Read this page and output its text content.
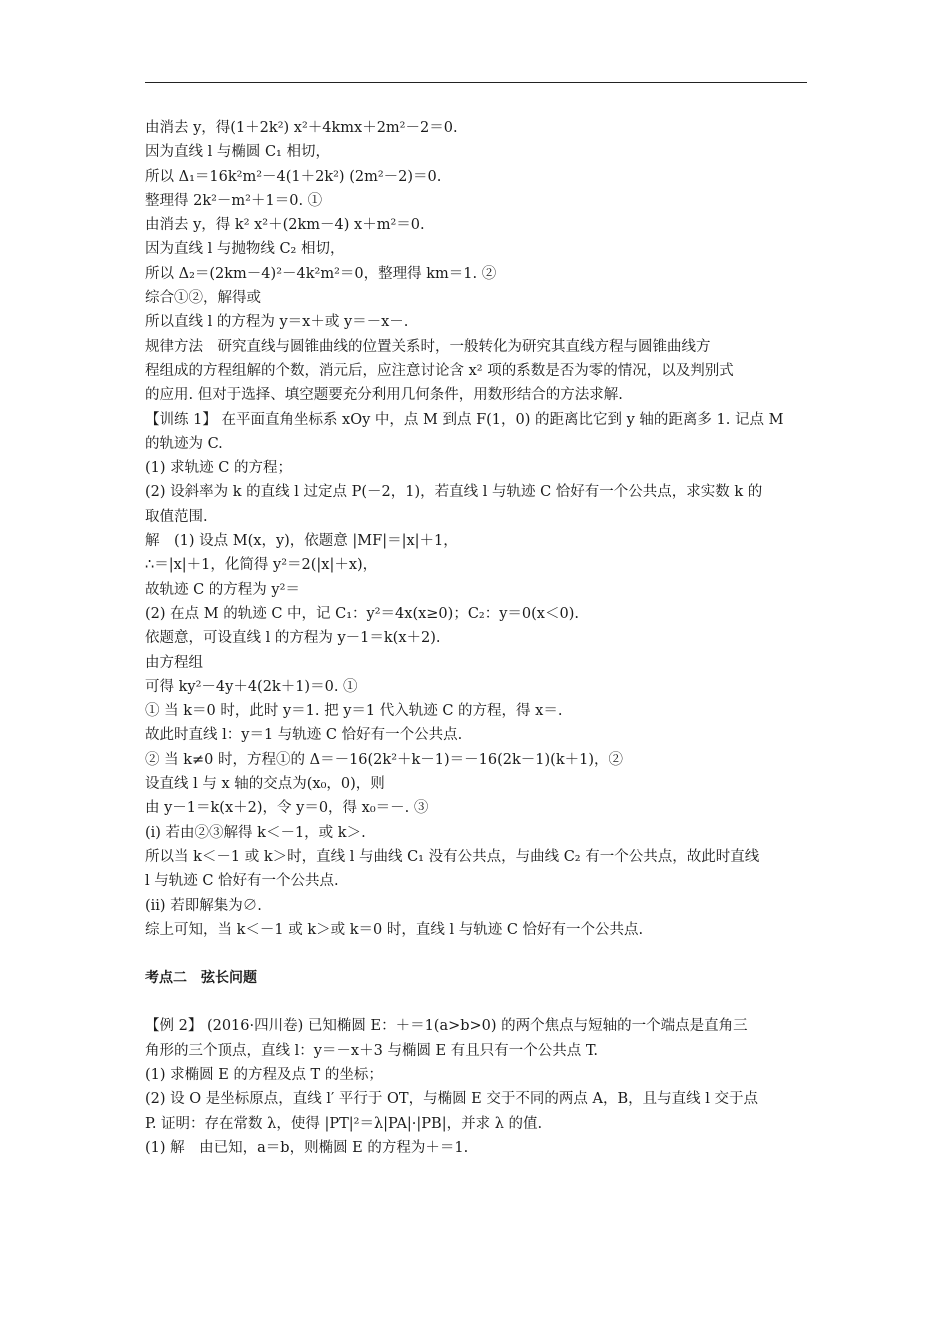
由消去 y，得(1＋2k²) x²＋4kmx＋2m²－2＝0.
因为直线 l 与椭圆 C₁ 相切，
所以 Δ₁＝16k²m²－4(1＋2k²) (2m²－2)＝0.
整理得 2k²－m²＋1＝0. ①
由消去 y，得 k² x²＋(2km－4) x＋m²＝0.
因为直线 l 与抛物线 C₂ 相切，
所以 Δ₂＝(2km－4)²－4k²m²＝0，整理得 km＝1. ②
综合①②，解得或
所以直线 l 的方程为 y＝x＋或 y＝－x－.
规律方法　研究直线与圆锥曲线的位置关系时，一般转化为研究其直线方程与圆锥曲线方
程组成的方程组解的个数，消元后，应注意讨论含 x² 项的系数是否为零的情况，以及判别式
的应用. 但对于选择、填空题要充分利用几何条件，用数形结合的方法求解.
【训练 1】 在平面直角坐标系 xOy 中，点 M 到点 F(1，0) 的距离比它到 y 轴的距离多 1. 记点 M
的轨迹为 C.
(1) 求轨迹 C 的方程；
(2) 设斜率为 k 的直线 l 过定点 P(－2，1)，若直线 l 与轨迹 C 恰好有一个公共点，求实数 k 的
取值范围.
解　(1) 设点 M(x，y)，依题意 |MF|＝|x|＋1，
∴＝|x|＋1，化简得 y²＝2(|x|＋x)，
故轨迹 C 的方程为 y²＝
(2) 在点 M 的轨迹 C 中，记 C₁：y²＝4x(x≥0)；C₂：y＝0(x＜0).
依题意，可设直线 l 的方程为 y－1＝k(x＋2).
由方程组
可得 ky²－4y＋4(2k＋1)＝0. ①
① 当 k＝0 时，此时 y＝1. 把 y＝1 代入轨迹 C 的方程，得 x＝.
故此时直线 l：y＝1 与轨迹 C 恰好有一个公共点.
② 当 k≠0 时，方程①的 Δ＝－16(2k²＋k－1)＝－16(2k－1)(k＋1)，②
设直线 l 与 x 轴的交点为(x₀，0)，则
由 y－1＝k(x＋2)，令 y＝0，得 x₀＝－. ③
(ⅰ) 若由②③解得 k＜－1，或 k＞.
所以当 k＜－1 或 k＞时，直线 l 与曲线 C₁ 没有公共点，与曲线 C₂ 有一个公共点，故此时直线
l 与轨迹 C 恰好有一个公共点.
(ⅱ) 若即解集为∅.
综上可知，当 k＜－1 或 k＞或 k＝0 时，直线 l 与轨迹 C 恰好有一个公共点.
考点二　弦长问题
【例 2】 (2016·四川卷) 已知椭圆 E：＋＝1(a>b>0) 的两个焦点与短轴的一个端点是直角三
角形的三个顶点，直线 l：y＝－x＋3 与椭圆 E 有且只有一个公共点 T.
(1) 求椭圆 E 的方程及点 T 的坐标；
(2) 设 O 是坐标原点，直线 l′ 平行于 OT，与椭圆 E 交于不同的两点 A，B，且与直线 l 交于点
P. 证明：存在常数 λ，使得 |PT|²＝λ|PA|·|PB|，并求 λ 的值.
(1) 解　由已知，a＝b，则椭圆 E 的方程为＋＝1.
